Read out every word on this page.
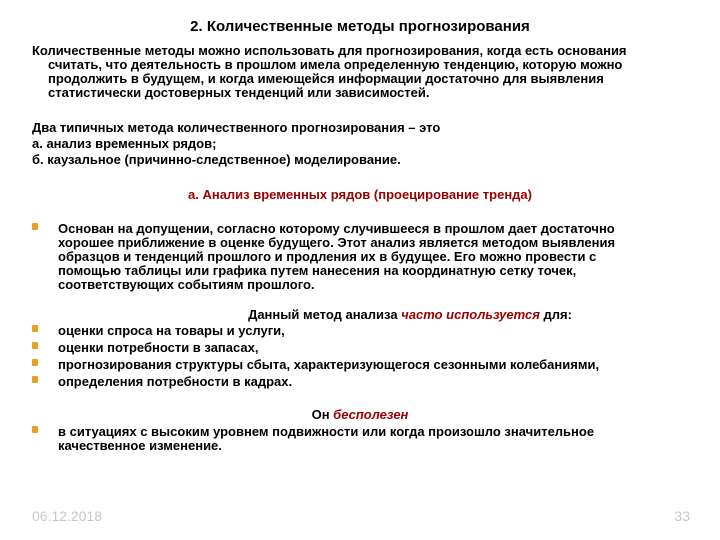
2. Количественные методы прогнозирования
Количественные методы можно использовать для прогнозирования, когда есть основания
считать, что деятельность в прошлом имела определенную тенденцию, которую можно
продолжить в будущем, и когда имеющейся информации достаточно для выявления
статистически достоверных тенденций или зависимостей.
Два типичных метода количественного прогнозирования – это
а. анализ временных рядов;
б. каузальное (причинно-следственное) моделирование.
а. Анализ временных рядов (проецирование тренда)
Основан на допущении, согласно которому случившееся в прошлом дает достаточно
хорошее приближение в оценке будущего. Этот анализ является методом выявления
образцов и тенденций прошлого и продления их в будущее. Его можно провести с
помощью таблицы или графика путем нанесения на координатную сетку точек,
соответствующих событиям прошлого.
Данный метод анализа часто используется для:
оценки спроса на товары и услуги,
оценки потребности в запасах,
прогнозирования структуры сбыта, характеризующегося сезонными колебаниями,
определения потребности в кадрах.
Он бесполезен
в ситуациях с высоким уровнем подвижности или когда произошло значительное
качественное изменение.
06.12.2018	33
